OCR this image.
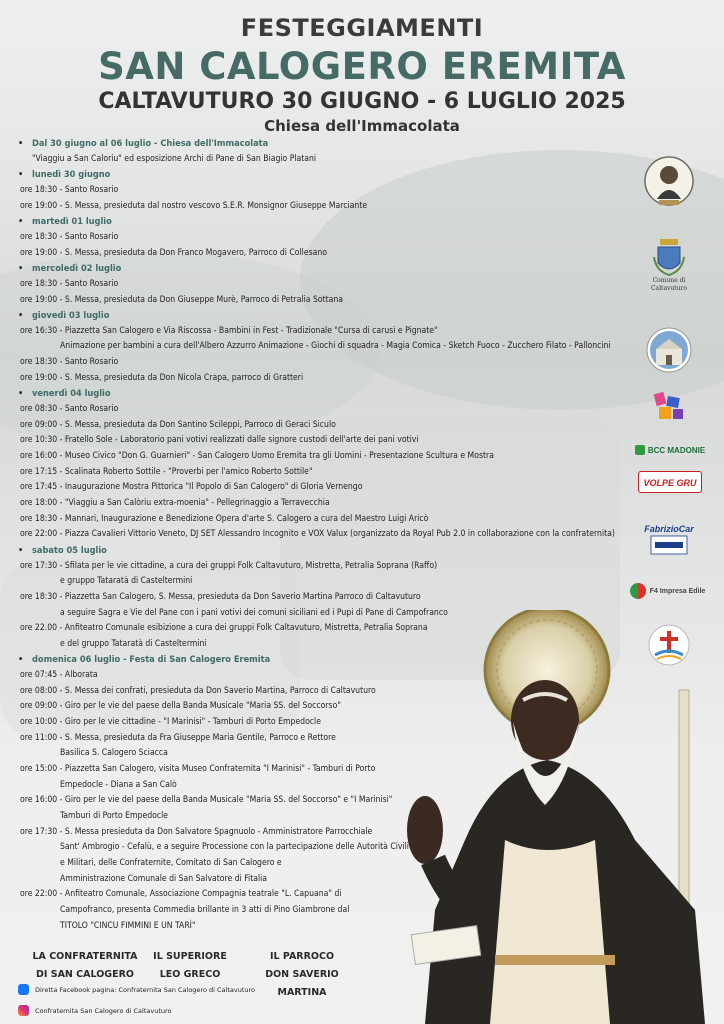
FESTEGGIAMENTI
SAN CALOGERO EREMITA
CALTAVUTURO 30 GIUGNO - 6 LUGLIO 2025
Chiesa dell'Immacolata
• Dal 30 giugno al 06 luglio - Chiesa dell'Immacolata
"Viaggiu a San Caloriu" ed esposizione Archi di Pane di San Biagio Platani
• lunedì 30 giugno
ore 18:30 - Santo Rosario
ore 19:00 - S. Messa, presieduta dal nostro vescovo S.E.R. Monsignor Giuseppe Marciante
• martedì 01 luglio
ore 18:30 - Santo Rosario
ore 19:00 - S. Messa, presieduta da Don Franco Mogavero, Parroco di Collesano
• mercoledì 02 luglio
ore 18:30 - Santo Rosario
ore 19:00 - S. Messa, presieduta da Don Giuseppe Murè, Parroco di Petralia Sottana
• giovedì 03 luglio
ore 16:30 - Piazzetta San Calogero e Via Riscossa - Bambini in Fest - Tradizionale "Cursa di carusi e Pignate"
Animazione per bambini a cura dell'Albero Azzurro Animazione - Giochi di squadra - Magia Comica - Sketch Fuoco - Zucchero Filato - Palloncini
ore 18:30 - Santo Rosario
ore 19:00 - S. Messa, presieduta da Don Nicola Crapa, parroco di Gratteri
• venerdì 04 luglio
ore 08:30 - Santo Rosario
ore 09:00 - S. Messa, presieduta da Don Santino Scileppi, Parroco di Geraci Siculo
ore 10:30 - Fratello Sole - Laboratorio pani votivi realizzati dalle signore custodi dell'arte dei pani votivi
ore 16:00 - Museo Civico "Don G. Guarnieri" - San Calogero Uomo Eremita tra gli Uomini - Presentazione Scultura e Mostra
ore 17:15 - Scalinata Roberto Sottile - "Proverbi per l'amico Roberto Sottile"
ore 17:45 - Inaugurazione Mostra Pittorica "Il Popolo di San Calogero" di Gloria Vernengo
ore 18:00 - "Viaggiu a San Calòriu extra-moenia" - Pellegrinaggio a Terravecchia
ore 18:30 - Mannari, Inaugurazione e Benedizione Opera d'arte S. Calogero a cura del Maestro Luigi Aricò
ore 22:00 - Piazza Cavalieri Vittorio Veneto, DJ SET Alessandro Incognito e VOX Valux (organizzato da Royal Pub 2.0 in collaborazione con la confraternita)
• sabato 05 luglio
ore 17:30 - Sfilata per le vie cittadine, a cura dei gruppi Folk Caltavuturo, Mistretta, Petralia Soprana (Raffo)
e gruppo Tataratà di Casteltermini
ore 18:30 - Piazzetta San Calogero, S. Messa, presieduta da Don Saverio Martina Parroco di Caltavuturo
a seguire Sagra e Vie del Pane con i pani votivi dei comuni siciliani ed i Pupi di Pane di Campofranco
ore 22.00 - Anfiteatro Comunale esibizione a cura dei gruppi Folk Caltavuturo, Mistretta, Petralia Soprana
e del gruppo Tataratà di Casteltermini
• domenica 06 luglio - Festa di San Calogero Eremita
ore 07:45 - Alborata
ore 08:00 - S. Messa dei confrati, presieduta da Don Saverio Martina, Parroco di Caltavuturo
ore 09:00 - Giro per le vie del paese della Banda Musicale "Maria SS. del Soccorso"
ore 10:00 - Giro per le vie cittadine - "I Marinisi" - Tamburi di Porto Empedocle
ore 11:00 - S. Messa, presieduta da Fra Giuseppe Maria Gentile, Parroco e Rettore
Basilica S. Calogero Sciacca
ore 15:00 - Piazzetta San Calogero, visita Museo Confraternita "I Marinisi" - Tamburi di Porto
Empedocle - Diana a San Calò
ore 16:00 - Giro per le vie del paese della Banda Musicale "Maria SS. del Soccorso" e "I Marinisi"
Tamburi di Porto Empedocle
ore 17:30 - S. Messa presieduta da Don Salvatore Spagnuolo - Amministratore Parrocchiale
Sant' Ambrogio - Cefalù, e a seguire Processione con la partecipazione delle Autorità Civili
e Militari, delle Confraternite, Comitato di San Calogero e
Amministrazione Comunale di San Salvatore di Fitalia
ore 22:00 - Anfiteatro Comunale, Associazione Compagnia teatrale "L. Capuana" di
Campofranco, presenta Commedia brillante in 3 atti di Pino Giambrone dal
TITOLO "CINCU FIMMINI E UN TARÌ"
Comune di Caltavuturo
BCC MADONIE
VOLPE GRU
FabrizioCar
F4 Impresa Edile
LA CONFRATERNITA
DI SAN CALOGERO
IL SUPERIORE
LEO GRECO
IL PARROCO
DON SAVERIO MARTINA
Diretta Facebook pagina: Confraternita San Calogero di Caltavuturo
Confraternita San Calogero di Caltavuturo
